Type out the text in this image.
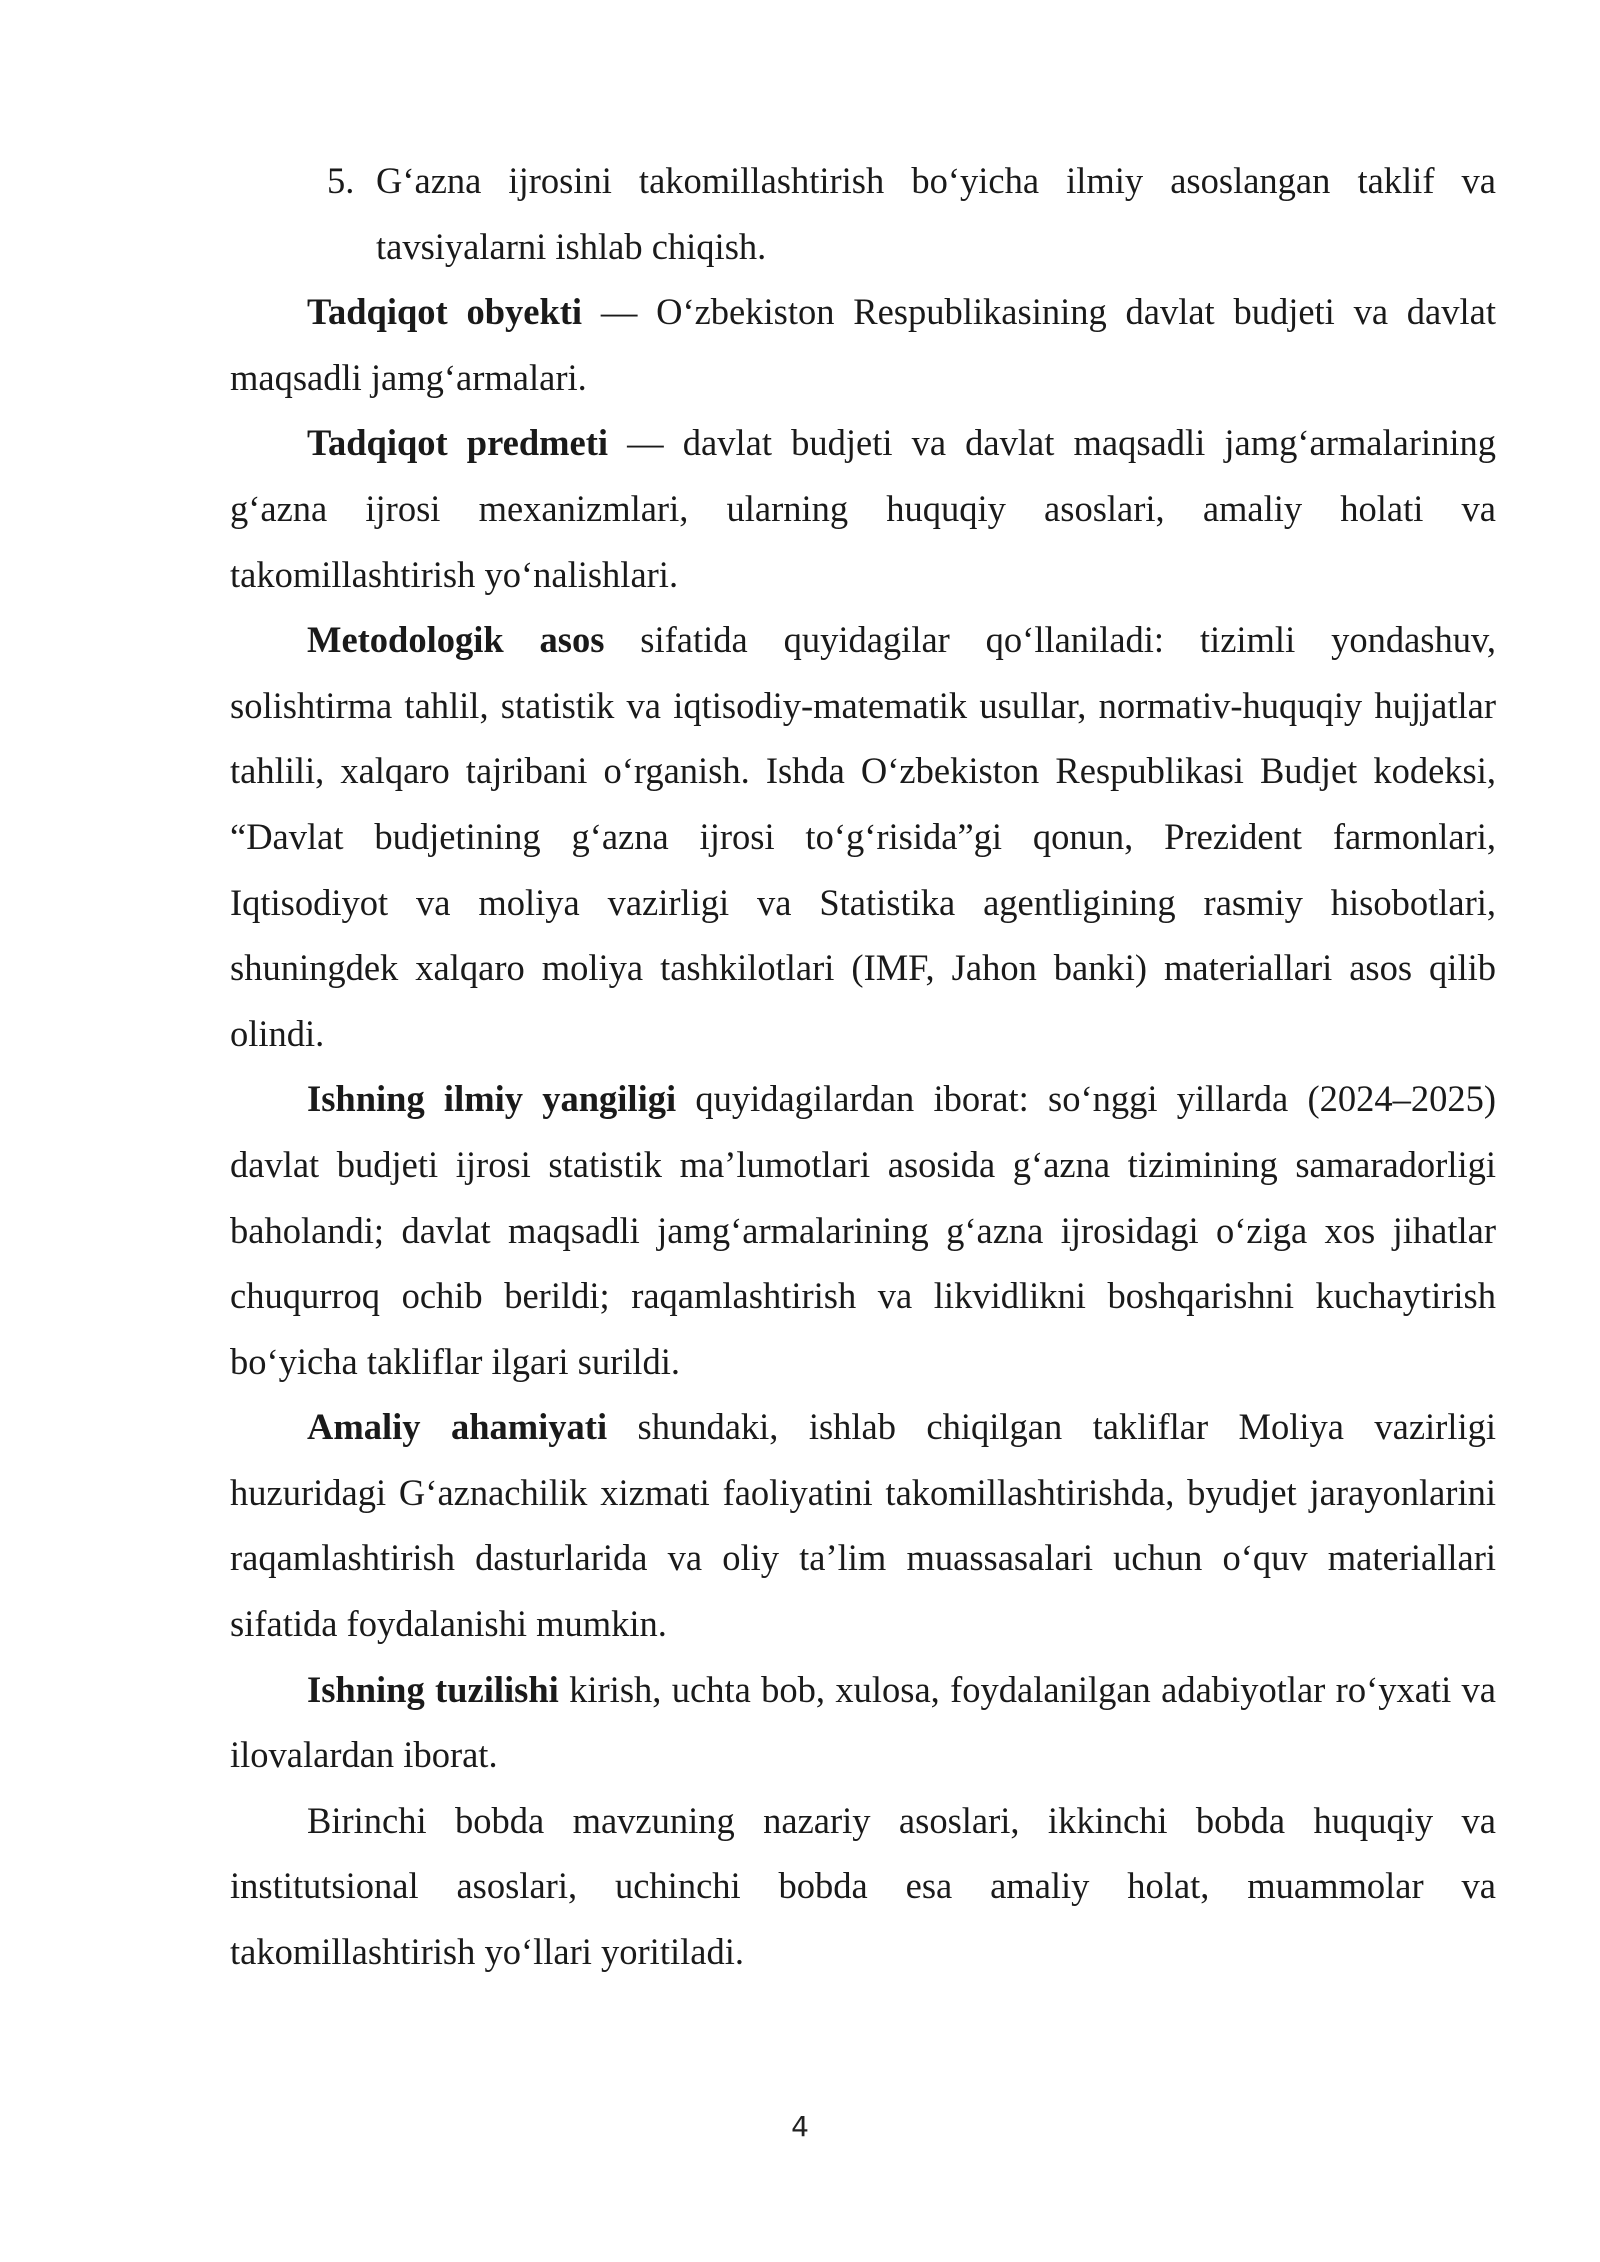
5. G‘azna ijrosini takomillashtirish bo‘yicha ilmiy asoslangan taklif va tavsiyalarni ishlab chiqish.

Tadqiqot obyekti — O‘zbekiston Respublikasining davlat budjeti va davlat maqsadli jamg‘armalari.

Tadqiqot predmeti — davlat budjeti va davlat maqsadli jamg‘armalarining g‘azna ijrosi mexanizmlari, ularning huquqiy asoslari, amaliy holati va takomillashtirish yo‘nalishlari.

Metodologik asos sifatida quyidagilar qo‘llaniladi: tizimli yondashuv, solishtirma tahlil, statistik va iqtisodiy-matematik usullar, normativ-huquqiy hujjatlar tahlili, xalqaro tajribani o‘rganish. Ishda O‘zbekiston Respublikasi Budjet kodeksi, “Davlat budjetining g‘azna ijrosi to‘g‘risida”gi qonun, Prezident farmonlari, Iqtisodiyot va moliya vazirligi va Statistika agentligining rasmiy hisobotlari, shuningdek xalqaro moliya tashkilotlari (IMF, Jahon banki) materiallari asos qilib olindi.

Ishning ilmiy yangiligi quyidagilardan iborat: so‘nggi yillarda (2024–2025) davlat budjeti ijrosi statistik ma’lumotlari asosida g‘azna tizimining samaradorligi baholandi; davlat maqsadli jamg‘armalarining g‘azna ijrosidagi o‘ziga xos jihatlar chuqurroq ochib berildi; raqamlashtirish va likvidlikni boshqarishni kuchaytirish bo‘yicha takliflar ilgari surildi.

Amaliy ahamiyati shundaki, ishlab chiqilgan takliflar Moliya vazirligi huzuridagi G‘aznachilik xizmati faoliyatini takomillashtirishda, byudjet jarayonlarini raqamlashtirish dasturlarida va oliy ta’lim muassasalari uchun o‘quv materiallari sifatida foydalanishi mumkin.

Ishning tuzilishi kirish, uchta bob, xulosa, foydalanilgan adabiyotlar ro‘yxati va ilovalardan iborat.

Birinchi bobda mavzuning nazariy asoslari, ikkinchi bobda huquqiy va institutsional asoslari, uchinchi bobda esa amaliy holat, muammolar va takomillashtirish yo‘llari yoritiladi.

4
